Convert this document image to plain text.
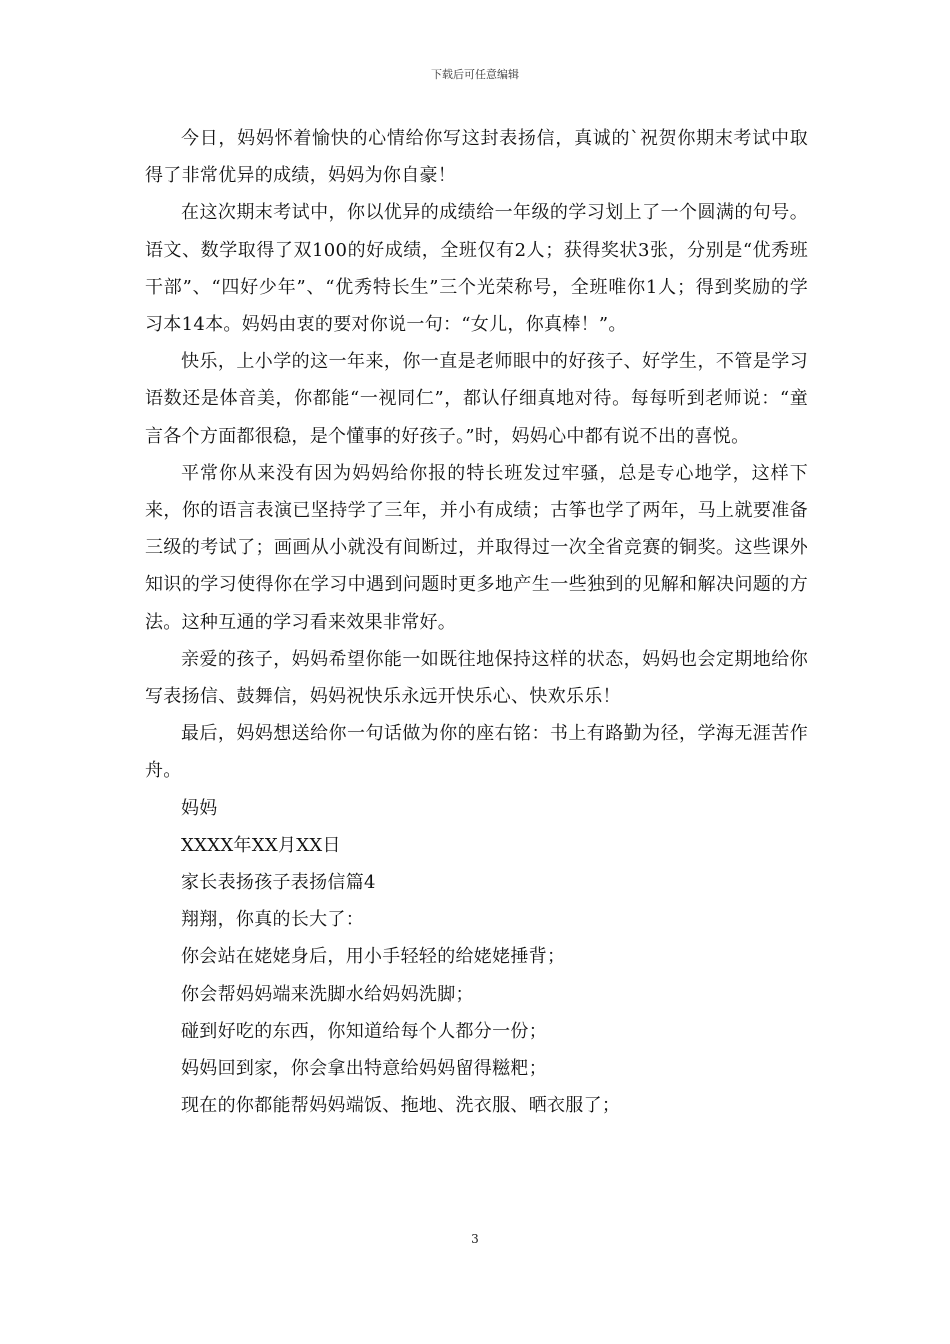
下载后可任意编辑

今日，妈妈怀着愉快的心情给你写这封表扬信，真诚的`祝贺你期末考试中取得了非常优异的成绩，妈妈为你自豪！

在这次期末考试中，你以优异的成绩给一年级的学习划上了一个圆满的句号。语文、数学取得了双100的好成绩，全班仅有2人；获得奖状3张，分别是“优秀班干部”、“四好少年”、“优秀特长生”三个光荣称号，全班唯你1人；得到奖励的学习本14本。妈妈由衷的要对你说一句：“女儿，你真棒！”。

快乐，上小学的这一年来，你一直是老师眼中的好孩子、好学生，不管是学习语数还是体音美，你都能“一视同仁”，都认仔细真地对待。每每听到老师说：“童言各个方面都很稳，是个懂事的好孩子。”时，妈妈心中都有说不出的喜悦。

平常你从来没有因为妈妈给你报的特长班发过牢骚，总是专心地学，这样下来，你的语言表演已坚持学了三年，并小有成绩；古筝也学了两年，马上就要准备三级的考试了；画画从小就没有间断过，并取得过一次全省竞赛的铜奖。这些课外知识的学习使得你在学习中遇到问题时更多地产生一些独到的见解和解决问题的方法。这种互通的学习看来效果非常好。

亲爱的孩子，妈妈希望你能一如既往地保持这样的状态，妈妈也会定期地给你写表扬信、鼓舞信，妈妈祝快乐永远开快乐心、快欢乐乐！

最后，妈妈想送给你一句话做为你的座右铭：书上有路勤为径，学海无涯苦作舟。

妈妈

XXXX年XX月XX日

家长表扬孩子表扬信篇4

翔翔，你真的长大了：

你会站在姥姥身后，用小手轻轻的给姥姥捶背；

你会帮妈妈端来洗脚水给妈妈洗脚；

碰到好吃的东西，你知道给每个人都分一份；

妈妈回到家，你会拿出特意给妈妈留得糍粑；

现在的你都能帮妈妈端饭、拖地、洗衣服、晒衣服了；

3
